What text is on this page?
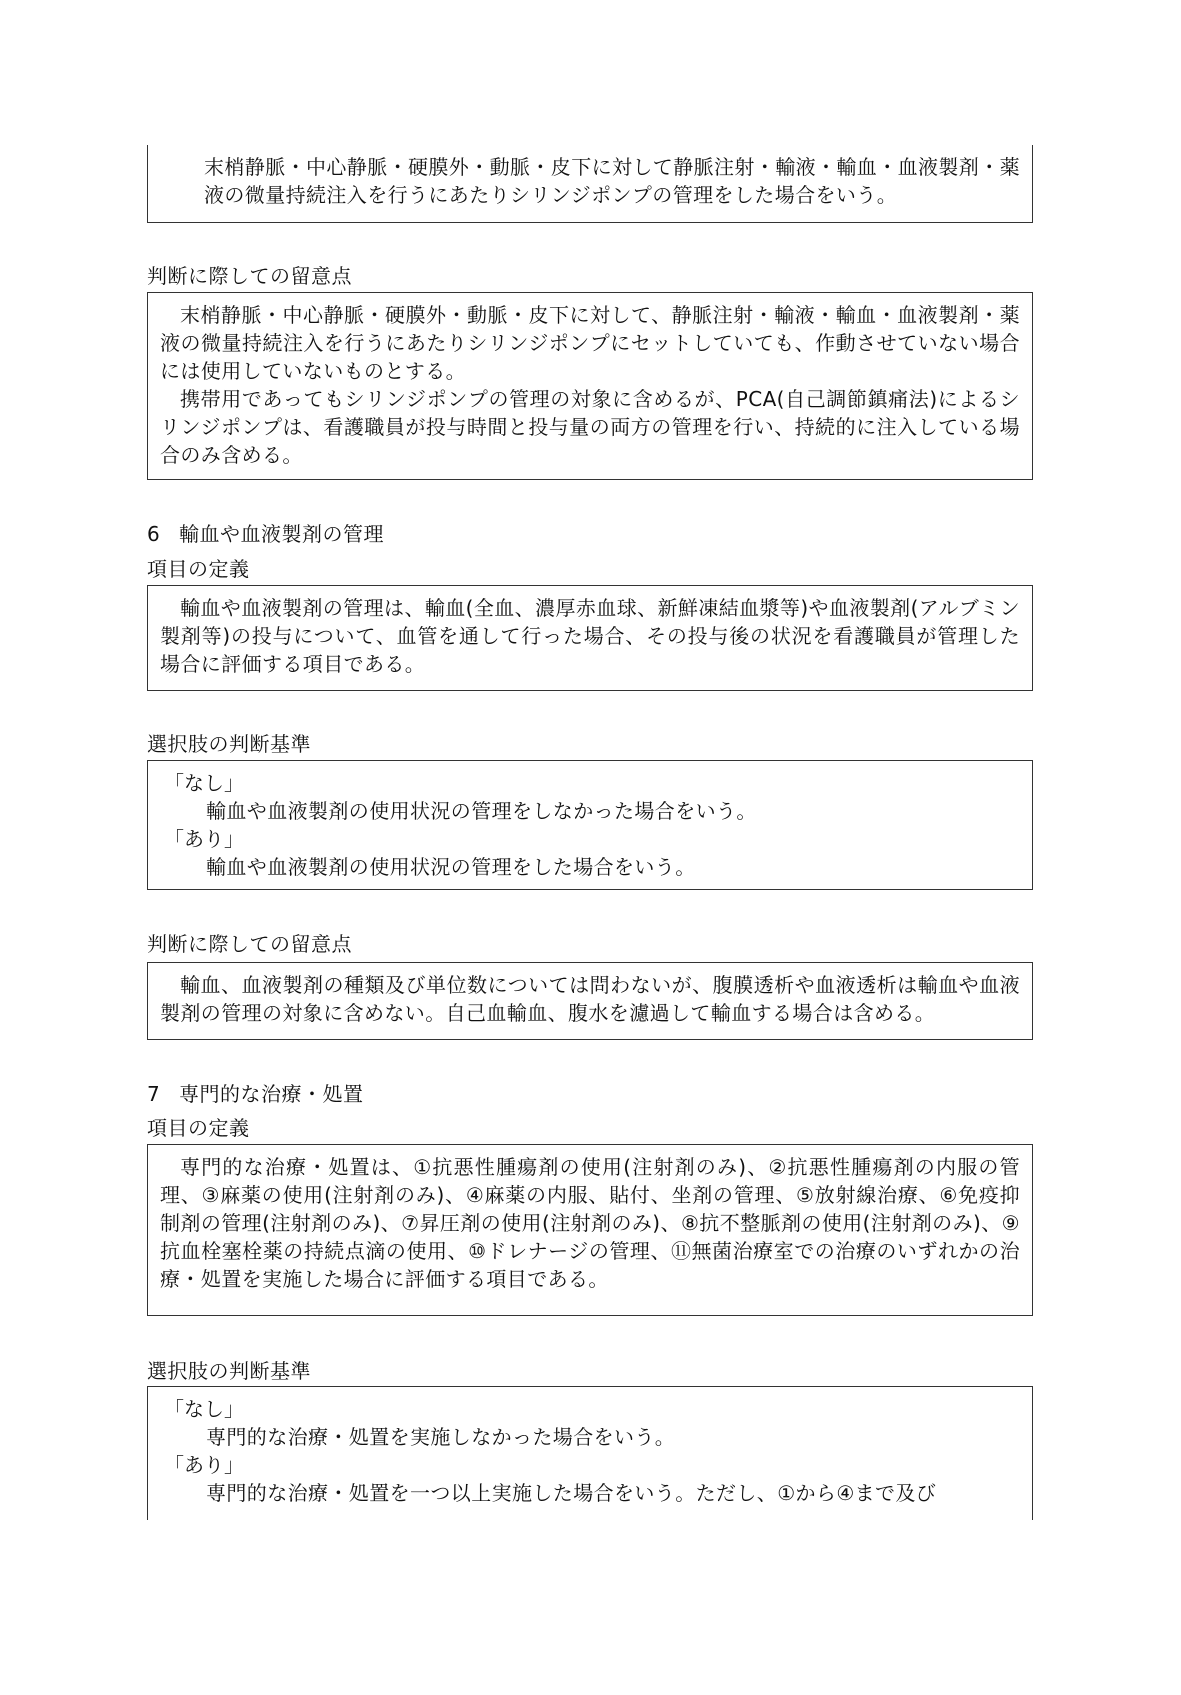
末梢静脈・中心静脈・硬膜外・動脈・皮下に対して静脈注射・輸液・輸血・血液製剤・薬液の微量持続注入を行うにあたりシリンジポンプの管理をした場合をいう。

判断に際しての留意点

末梢静脈・中心静脈・硬膜外・動脈・皮下に対して、静脈注射・輸液・輸血・血液製剤・薬液の微量持続注入を行うにあたりシリンジポンプにセットしていても、作動させていない場合には使用していないものとする。

携帯用であってもシリンジポンプの管理の対象に含めるが、PCA(自己調節鎮痛法)によるシリンジポンプは、看護職員が投与時間と投与量の両方の管理を行い、持続的に注入している場合のみ含める。

6 輸血や血液製剤の管理
項目の定義

輸血や血液製剤の管理は、輸血(全血、濃厚赤血球、新鮮凍結血漿等)や血液製剤(アルブミン製剤等)の投与について、血管を通して行った場合、その投与後の状況を看護職員が管理した場合に評価する項目である。

選択肢の判断基準

「なし」

輸血や血液製剤の使用状況の管理をしなかった場合をいう。

「あり」

輸血や血液製剤の使用状況の管理をした場合をいう。

判断に際しての留意点

輸血、血液製剤の種類及び単位数については問わないが、腹膜透析や血液透析は輸血や血液製剤の管理の対象に含めない。自己血輸血、腹水を濾過して輸血する場合は含める。

7 専門的な治療・処置
項目の定義

専門的な治療・処置は、①抗悪性腫瘍剤の使用(注射剤のみ)、②抗悪性腫瘍剤の内服の管理、③麻薬の使用(注射剤のみ)、④麻薬の内服、貼付、坐剤の管理、⑤放射線治療、⑥免疫抑制剤の管理(注射剤のみ)、⑦昇圧剤の使用(注射剤のみ)、⑧抗不整脈剤の使用(注射剤のみ)、⑨抗血栓塞栓薬の持続点滴の使用、⑩ドレナージの管理、⑪無菌治療室での治療のいずれかの治療・処置を実施した場合に評価する項目である。

選択肢の判断基準

「なし」

専門的な治療・処置を実施しなかった場合をいう。

「あり」

専門的な治療・処置を一つ以上実施した場合をいう。ただし、①から④まで及び
